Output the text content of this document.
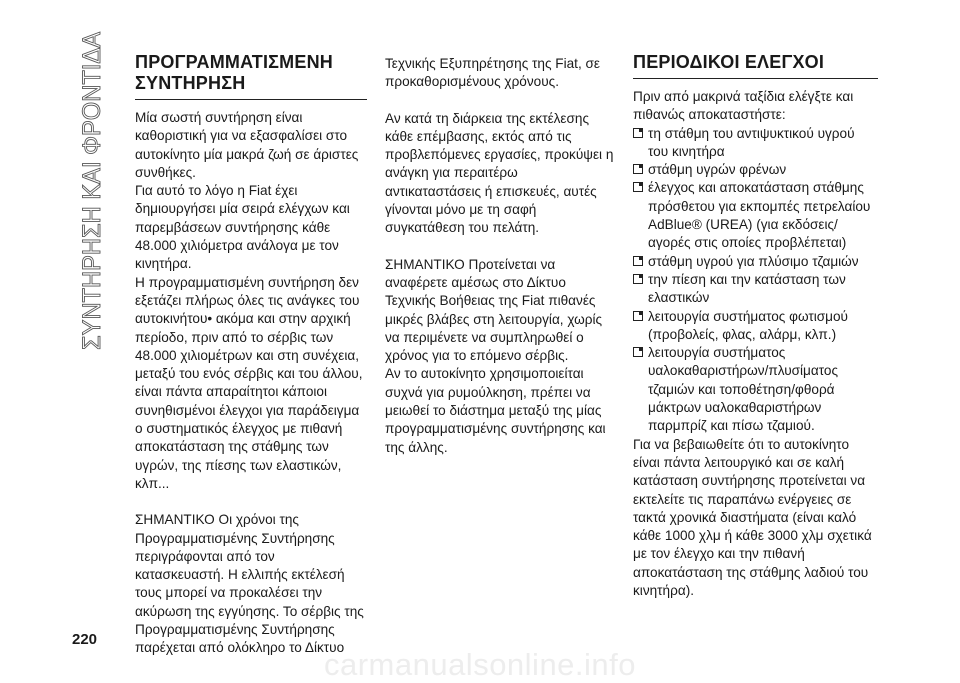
ΣΥΝΤΗΡΗΣΗ ΚΑΙ ΦΡΟΝΤΙΔΑ ΠΡΟΓΡΑΜΜΑΤΙΣΜΕΝΗ ΣΥΝΤΗΡΗΣΗ

Μία σωστή συντήρηση είναι καθοριστική για να εξασφαλίσει στο αυτοκίνητο μία μακρά ζωή σε άριστες συνθήκες.

Για αυτό το λόγο η Fiat έχει δημιουργήσει μία σειρά ελέγχων και παρεμβάσεων συντήρησης κάθε 48.000 χιλιόμετρα ανάλογα με τον κινητήρα.

Η προγραμματισμένη συντήρηση δεν εξετάζει πλήρως όλες τις ανάγκες του αυτοκινήτου• ακόμα και στην αρχική περίοδο, πριν από το σέρβις των 48.000 χιλιομέτρων και στη συνέχεια, μεταξύ του ενός σέρβις και του άλλου, είναι πάντα απαραίτητοι κάποιοι συνηθισμένοι έλεγχοι για παράδειγμα ο συστηματικός έλεγχος με πιθανή αποκατάσταση της στάθμης των υγρών, της πίεσης των ελαστικών, κλπ...

ΣΗΜΑΝΤΙΚΟ Οι χρόνοι της Προγραμματισμένης Συντήρησης περιγράφονται από τον κατασκευαστή. Η ελλιπής εκτέλεσή τους μπορεί να προκαλέσει την ακύρωση της εγγύησης. Το σέρβις της Προγραμματισμένης Συντήρησης παρέχεται από ολόκληρο το Δίκτυο

Τεχνικής Εξυπηρέτησης της Fiat, σε προκαθορισμένους χρόνους.

Αν κατά τη διάρκεια της εκτέλεσης κάθε επέμβασης, εκτός από τις προβλεπόμενες εργασίες, προκύψει η ανάγκη για περαιτέρω αντικαταστάσεις ή επισκευές, αυτές γίνονται μόνο με τη σαφή συγκατάθεση του πελάτη.

ΣΗΜΑΝΤΙΚΟ Προτείνεται να αναφέρετε αμέσως στο Δίκτυο Τεχνικής Βοήθειας της Fiat πιθανές μικρές βλάβες στη λειτουργία, χωρίς να περιμένετε να συμπληρωθεί ο χρόνος για το επόμενο σέρβις.

Αν το αυτοκίνητο χρησιμοποιείται συχνά για ρυμούλκηση, πρέπει να μειωθεί το διάστημα μεταξύ της μίας προγραμματισμένης συντήρησης και της άλλης.

ΠΕΡΙΟΔΙΚΟΙ ΕΛΕΓΧΟΙ

Πριν από μακρινά ταξίδια ελέγξτε και πιθανώς αποκαταστήστε:

τη στάθμη του αντιψυκτικού υγρού του κινητήρα
στάθμη υγρών φρένων
έλεγχος και αποκατάσταση στάθμης πρόσθετου για εκπομπές πετρελαίου AdBlue® (UREA) (για εκδόσεις/αγορές στις οποίες προβλέπεται)
στάθμη υγρού για πλύσιμο τζαμιών
την πίεση και την κατάσταση των ελαστικών
λειτουργία συστήματος φωτισμού (προβολείς, φλας, αλάρμ, κλπ.)
λειτουργία συστήματος υαλοκαθαριστήρων/πλυσίματος τζαμιών και τοποθέτηση/φθορά μάκτρων υαλοκαθαριστήρων παρμπρίζ και πίσω τζαμιού.

Για να βεβαιωθείτε ότι το αυτοκίνητο είναι πάντα λειτουργικό και σε καλή κατάσταση συντήρησης προτείνεται να εκτελείτε τις παραπάνω ενέργειες σε τακτά χρονικά διαστήματα (είναι καλό κάθε 1000 χλμ ή κάθε 3000 χλμ σχετικά με τον έλεγχο και την πιθανή αποκατάσταση της στάθμης λαδιού του κινητήρα).

220
carmanualsonline.info
